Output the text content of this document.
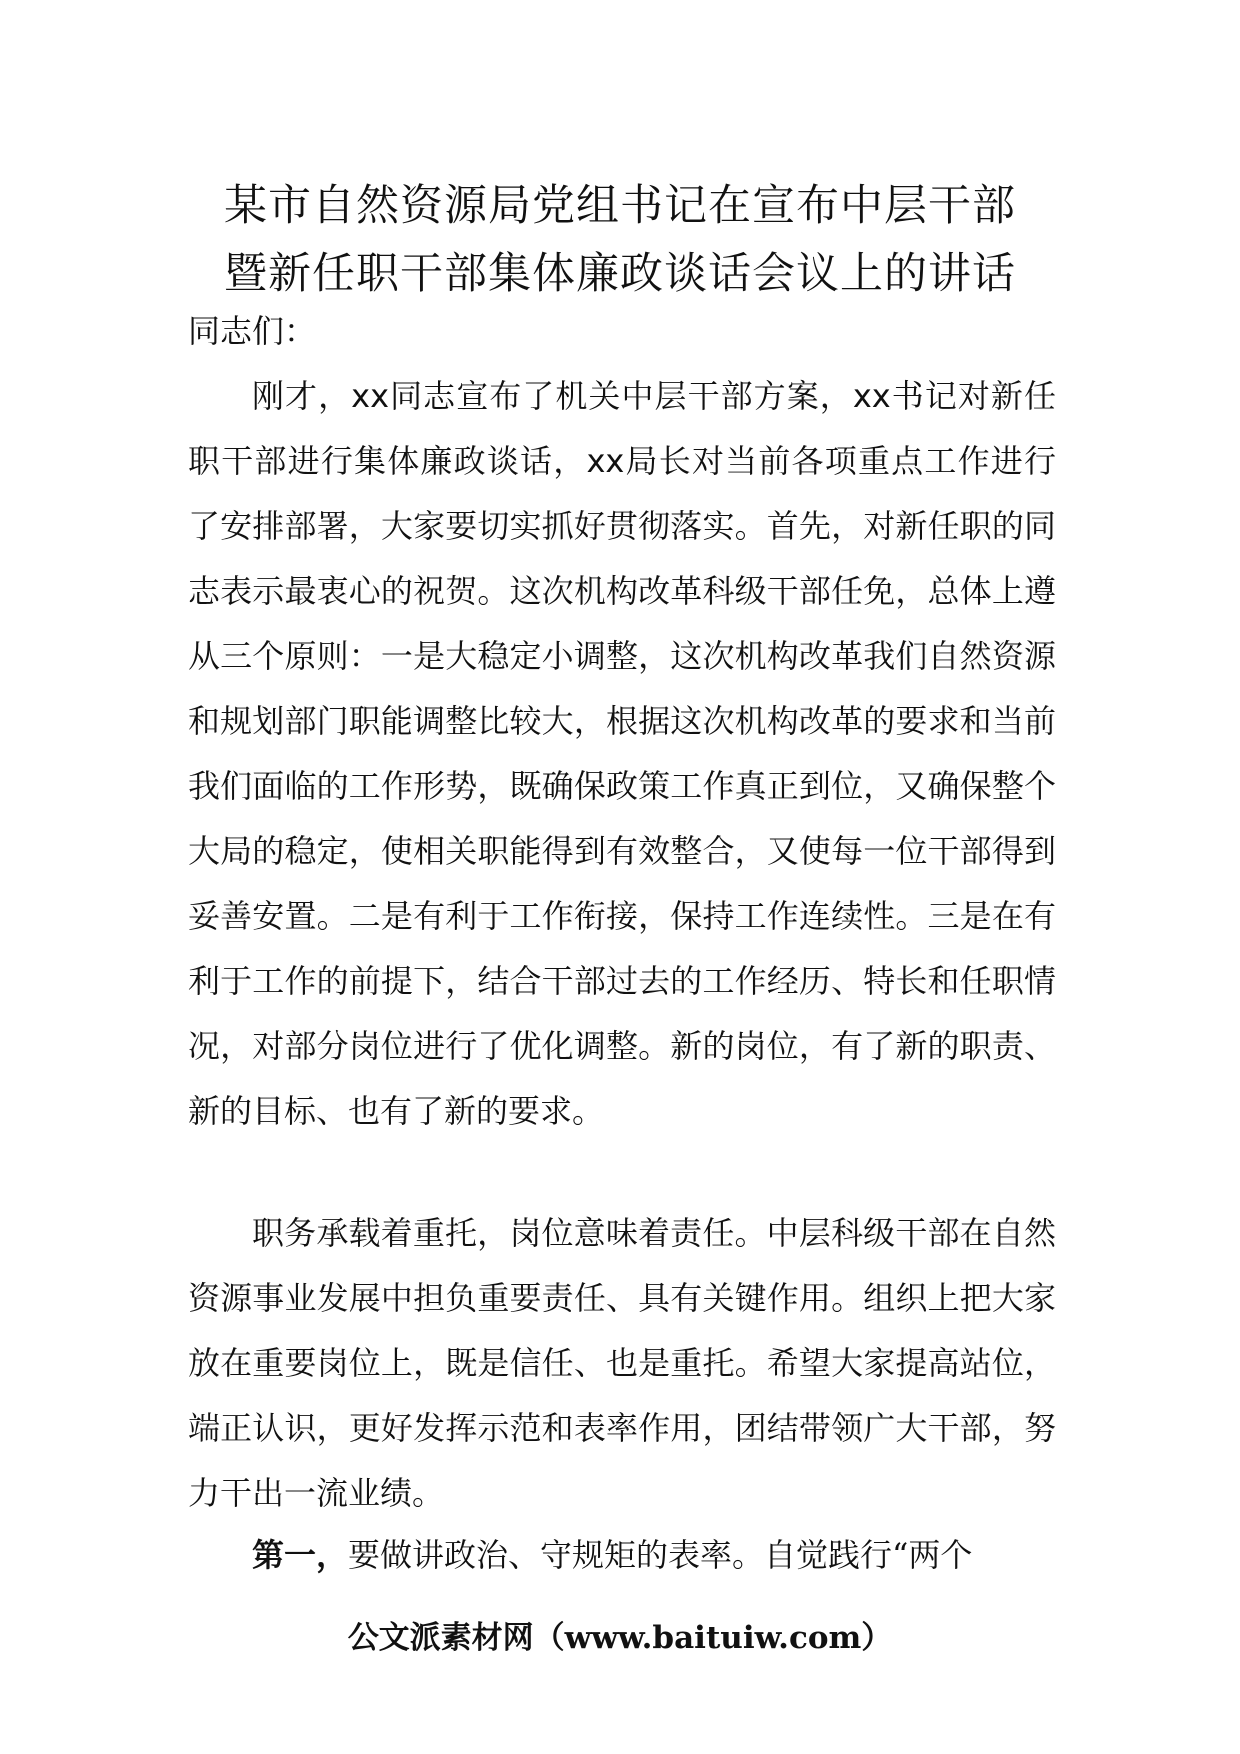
某市自然资源局党组书记在宣布中层干部
暨新任职干部集体廉政谈话会议上的讲话
同志们：

刚才，xx同志宣布了机关中层干部方案，xx书记对新任职干部进行集体廉政谈话，xx局长对当前各项重点工作进行了安排部署，大家要切实抓好贯彻落实。首先，对新任职的同志表示最衷心的祝贺。这次机构改革科级干部任免，总体上遵从三个原则：一是大稳定小调整，这次机构改革我们自然资源和规划部门职能调整比较大，根据这次机构改革的要求和当前我们面临的工作形势，既确保政策工作真正到位，又确保整个大局的稳定，使相关职能得到有效整合，又使每一位干部得到妥善安置。二是有利于工作衔接，保持工作连续性。三是在有利于工作的前提下，结合干部过去的工作经历、特长和任职情况，对部分岗位进行了优化调整。新的岗位，有了新的职责、新的目标、也有了新的要求。

职务承载着重托，岗位意味着责任。中层科级干部在自然资源事业发展中担负重要责任、具有关键作用。组织上把大家放在重要岗位上，既是信任、也是重托。希望大家提高站位，端正认识，更好发挥示范和表率作用，团结带领广大干部，努力干出一流业绩。

第一，要做讲政治、守规矩的表率。自觉践行“两个

公文派素材网（www.baituiw.com）
